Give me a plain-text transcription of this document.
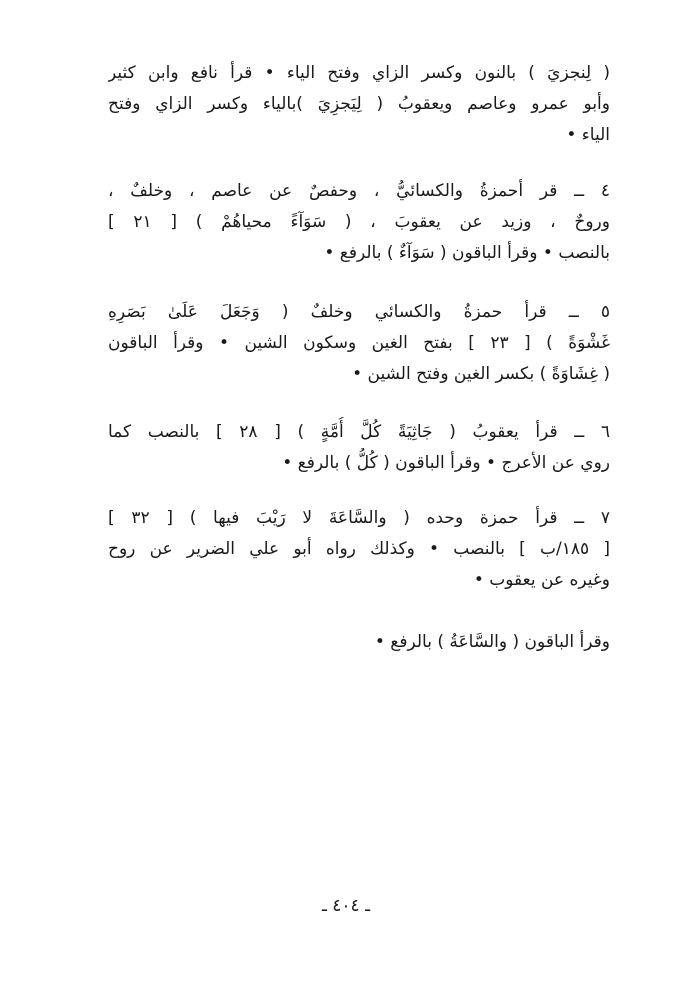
( لِنجزيَ ) بالنون وكسر الزاي وفتح الياء • قرأ نافع وابن كثير
وأبو عمرو وعاصم ويعقوبُ ( لِيَجزِيَ )بالياء وكسر الزاي وفتح
الياء •
٤ ــ قر أحمزةُ والكسائيُّ ، وحفصٌ عن عاصم ، وخلفٌ ،
وروحٌ ، وزيد عن يعقوبَ ، ( سَوَآءً محياهُمْ ) [ ٢١ ]
بالنصب • وقرأ الباقون ( سَوَآءٌ ) بالرفع •
٥ ــ قرأ حمزةُ والكسائي وخلفٌ ( وَجَعَلَ عَلَىٰ بَصَرِهِ
غَشْوَةً ) [ ٢٣ ] بفتح الغين وسكون الشين • وقرأ الباقون
( غِشَاوَةً ) بكسر الغين وفتح الشين •
٦ ــ قرأ يعقوبُ ( جَاثِيَةً كُلَّ أُمَّةٍ ) [ ٢٨ ] بالنصب كما
روي عن الأعرج • وقرأ الباقون ( كُلُّ ) بالرفع •
٧ ــ قرأ حمزة وحده ( والسَّاعَةَ لا رَيْبَ فيها ) [ ٣٢ ]
[ ١٨٥/ب ] بالنصب • وكذلك رواه أبو علي الضرير عن روح
وغيره عن يعقوب •
وقرأ الباقون ( والسَّاعَةُ ) بالرفع •
ـ ٤٠٤ ـ
